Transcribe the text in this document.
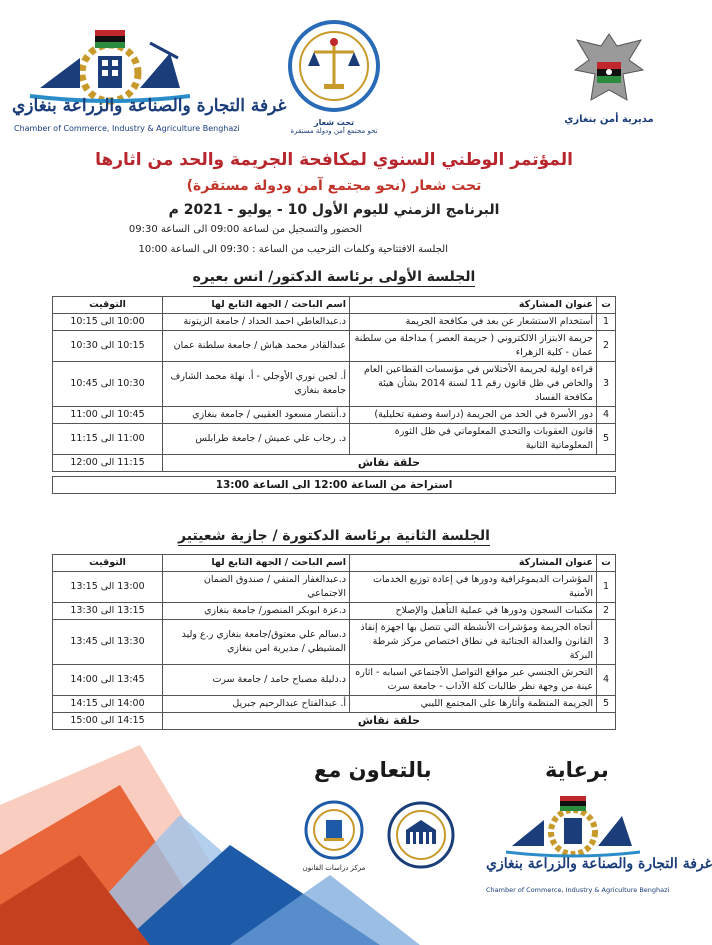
غرفة التجارة والصناعة والزراعة بنغازي
Chamber of Commerce, Industry & Agriculture Benghazi
تحت شعار
نحو مجتمع آمن ودولة مستقرة
مديرية أمن بنغازي
المؤتمر الوطني السنوي لمكافحة الجريمة والحد من اثارها
تحت شعار (نحو مجتمع آمن ودولة مستقرة)
البرنامج الزمني لليوم الأول 10 - يوليو - 2021 م
الحضور والتسجيل من لساعة 09:00 الى الساعة 09:30
الجلسة الافتتاحية وكلمات الترحيب من الساعة : 09:30 الى الساعة 10:00
الجلسة الأولى برئاسة الدكتور/ انس بعيره
ت	عنوان المشاركة	اسم الباحث / الجهة التابع لها	التوقيت
1	أستخدام الاستشعار عن بعد في مكافحة الجريمة	د.عبدالعاطي احمد الحداد / جامعة الزيتونة	10:00 الى 10:15
2	جريمة الابتزاز الالكتروني ( جريمة العصر ) مداخلة من سلطنة عمان - كلية الزهراء	عبدالقادر محمد هباش / جامعة سلطنة عمان	10:15 الى 10:30
3	قراءة اولية لجريمة الأختلاس في مؤسسات القطاعين العام والخاص في ظل قانون رقم 11 لسنة 2014 بشأن هيئة مكافحة الفساد	أ. لجين نوري الأوجلي - أ. نهلة محمد الشارف جامعة بنغازي	10:30 الى 10:45
4	دور الأسرة في الحد من الجريمة (دراسة وصفية تحليلية)	د.أنتصار مسعود العقيبي / جامعة بنغازي	10:45 الى 11:00
5	قانون العقوبات والتحدي المعلوماتي في ظل الثورة المعلوماتية الثانية	د. رجاب علي عميش / جامعة طرابلس	11:00 الى 11:15
حلقة نقاش			11:15 الى 12:00

استراحة من الساعة 12:00 الى الساعة 13:00			
الجلسة الثانية برئاسة الدكتورة / جازية شعيتير
ت	عنوان المشاركة	اسم الباحث / الجهة التابع لها	التوقيت
1	المؤشرات الديموغرافية ودورها في إعادة توزيع الخدمات الأمنية	د.عبدالغفار المنفي / صندوق الضمان الاجتماعي	13:00 الى 13:15
2	مكتبات السجون ودورها في عملية التأهيل والإصلاح	د.عزة ابوبكر المنصور/ جامعة بنغازي	13:15 الى 13:30
3	أتجاه الجريمة ومؤشرات الأنشطة التي تتصل بها اجهزة إنفاذ القانون والعدالة الجنائية في نطاق اختصاص مركز شرطة البركة	د.سالم علي معتوق/جامعة بنغازي ر.ع وليد المشيطي / مديرية امن بنغازي	13:30 الى 13:45
4	التحرش الجنسي عبر مواقع التواصل الأجتماعي اسبابه - اثاره عينة من وجهة نظر طالبات كلة الآداب - جامعة سرت	د.دليلة مصباح حامد / جامعة سرت	13:45 الى 14:00
5	الجريمة المنظمة وأثارها على المجتمع الليبي	أ. عبدالفتاح عبدالرحيم جبريل	14:00 الى 14:15
حلقة نقاش			14:15 الى 15:00
برعاية
بالتعاون مع
مركز دراسات القانون	غرفة التجارة والصناعة والزراعة بنغازي
Chamber of Commerce, Industry & Agriculture Benghazi
